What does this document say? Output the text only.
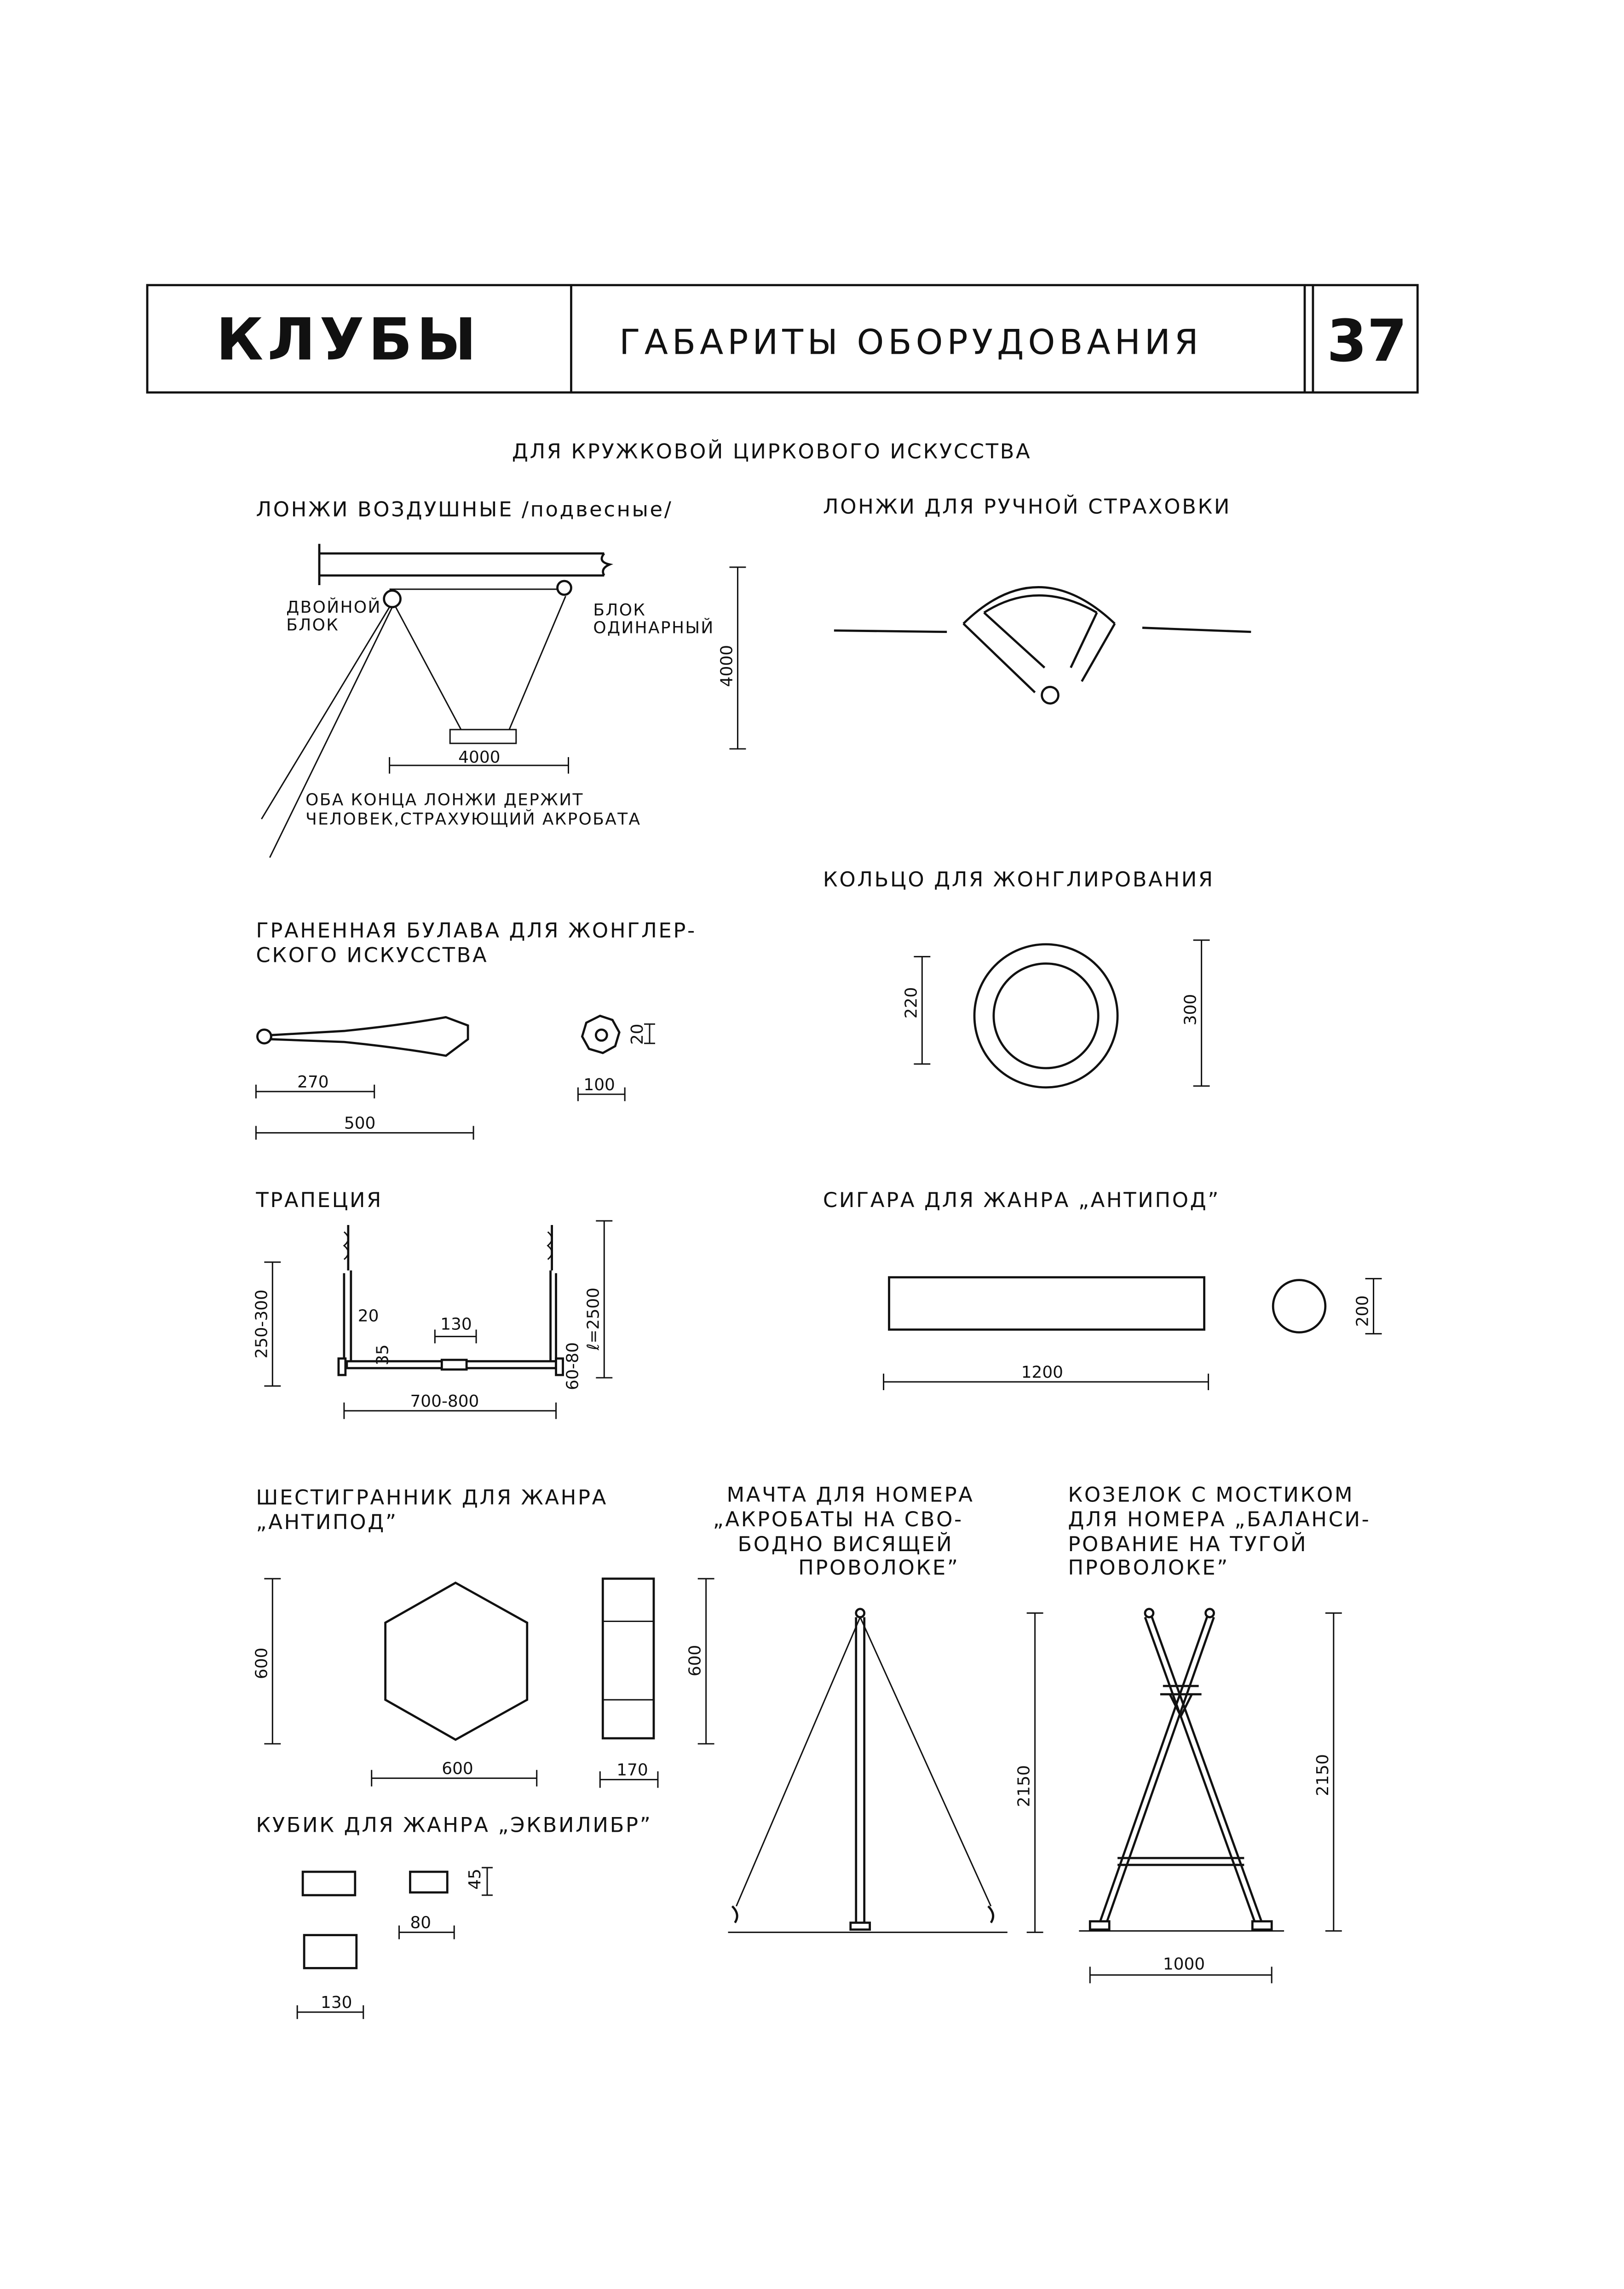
КЛУБЫ	ГАБАРИТЫ ОБОРУДОВАНИЯ	37
ДЛЯ КРУЖКОВОЙ ЦИРКОВОГО ИСКУССТВА
ЛОНЖИ ВОЗДУШНЫЕ /подвесные/
ДВОЙНОЙ
БЛОК
БЛОК
ОДИНАРНЫЙ
4000
4000
ОБА КОНЦА ЛОНЖИ ДЕРЖИТ
ЧЕЛОВЕК,СТРАХУЮЩИЙ АКРОБАТА
ЛОНЖИ ДЛЯ РУЧНОЙ СТРАХОВКИ
КОЛЬЦО ДЛЯ ЖОНГЛИРОВАНИЯ
220	300
ГРАНЕННАЯ БУЛАВА ДЛЯ ЖОНГЛЕР-
СКОГО ИСКУССТВА
20
270	100
500
ТРАПЕЦИЯ
250-300	20
35
130
60-80
ℓ=2500
700-800
СИГАРА ДЛЯ ЖАНРА „АНТИПОД”
1200
200
ШЕСТИГРАННИК ДЛЯ ЖАНРА
„АНТИПОД”
600	600
600	170
МАЧТА ДЛЯ НОМЕРА
„АКРОБАТЫ НА СВО-
БОДНО ВИСЯЩЕЙ
ПРОВОЛОКЕ”
2150
КОЗЕЛОК С МОСТИКОМ
ДЛЯ НОМЕРА „БАЛАНСИ-
РОВАНИЕ НА ТУГОЙ
ПРОВОЛОКЕ”
2150
1000
КУБИК ДЛЯ ЖАНРА „ЭКВИЛИБР”
45
80
130
